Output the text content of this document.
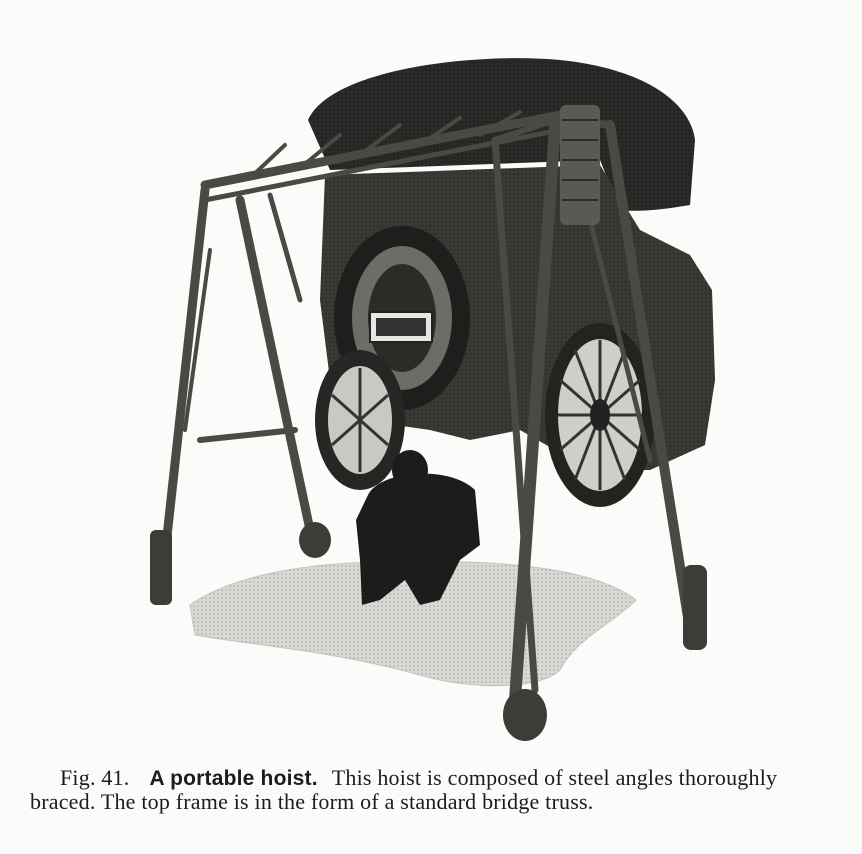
Fig. 41. A portable hoist. This hoist is composed of steel angles thoroughly braced. The top frame is in the form of a standard bridge truss.
